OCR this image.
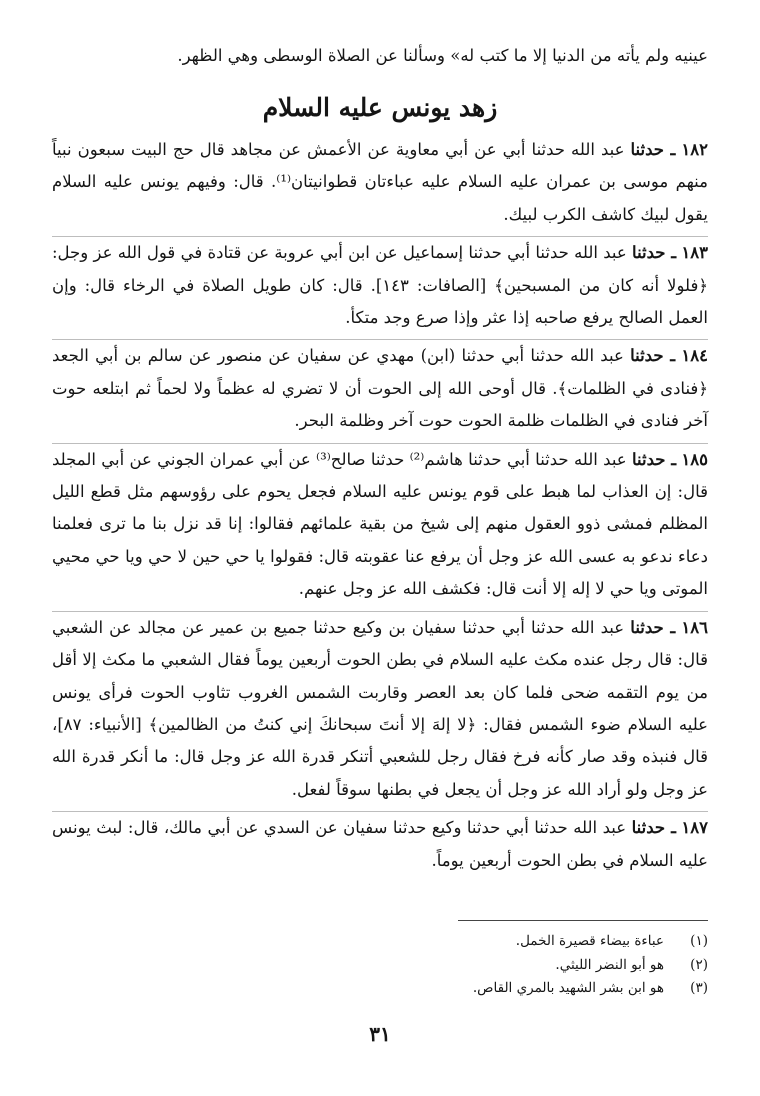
عينيه ولم يأته من الدنيا إلا ما كتب له» وسألنا عن الصلاة الوسطى وهي الظهر.
زهد يونس عليه السلام

١٨٢ ـ حدثنا عبد الله حدثنا أبي عن أبي معاوية عن الأعمش عن مجاهد قال حج البيت سبعون نبياً منهم موسى بن عمران عليه السلام عليه عباءتان قطوانيتان⁽¹⁾. قال: وفيهم يونس عليه السلام يقول لبيك كاشف الكرب لبيك.

١٨٣ ـ حدثنا عبد الله حدثنا أبي حدثنا إسماعيل عن ابن أبي عروبة عن قتادة في قول الله عز وجل: ﴿فلولا أنه كان من المسبحين﴾ [الصافات: ١٤٣]. قال: كان طويل الصلاة في الرخاء قال: وإن العمل الصالح يرفع صاحبه إذا عثر وإذا صرع وجد متكأ.

١٨٤ ـ حدثنا عبد الله حدثنا أبي حدثنا (ابن) مهدي عن سفيان عن منصور عن سالم بن أبي الجعد ﴿فنادى في الظلمات﴾. قال أوحى الله إلى الحوت أن لا تضري له عظماً ولا لحماً ثم ابتلعه حوت آخر فنادى في الظلمات ظلمة الحوت حوت آخر وظلمة البحر.

١٨٥ ـ حدثنا عبد الله حدثنا أبي حدثنا هاشم⁽²⁾ حدثنا صالح⁽³⁾ عن أبي عمران الجوني عن أبي المجلد قال: إن العذاب لما هبط على قوم يونس عليه السلام فجعل يحوم على رؤوسهم مثل قطع الليل المظلم فمشى ذوو العقول منهم إلى شيخ من بقية علمائهم فقالوا: إنا قد نزل بنا ما ترى فعلمنا دعاء ندعو به عسى الله عز وجل أن يرفع عنا عقوبته قال: فقولوا يا حي حين لا حي ويا حي محيي الموتى ويا حي لا إله إلا أنت قال: فكشف الله عز وجل عنهم.

١٨٦ ـ حدثنا عبد الله حدثنا أبي حدثنا سفيان بن وكيع حدثنا جميع بن عمير عن مجالد عن الشعبي قال: قال رجل عنده مكث عليه السلام في بطن الحوت أربعين يوماً فقال الشعبي ما مكث إلا أقل من يوم التقمه ضحى فلما كان بعد العصر وقاربت الشمس الغروب تثاوب الحوت فرأى يونس عليه السلام ضوء الشمس فقال: ﴿لا إلهَ إلا أنتَ سبحانكَ إني كنتُ من الظالمين﴾ [الأنبياء: ٨٧]، قال فنبذه وقد صار كأنه فرخ فقال رجل للشعبي أتنكر قدرة الله عز وجل قال: ما أنكر قدرة الله عز وجل ولو أراد الله عز وجل أن يجعل في بطنها سوقاً لفعل.

١٨٧ ـ حدثنا عبد الله حدثنا أبي حدثنا وكيع حدثنا سفيان عن السدي عن أبي مالك، قال: لبث يونس عليه السلام في بطن الحوت أربعين يوماً.

(١)
عباءة بيضاء قصيرة الخمل.
(٢)
هو أبو النضر الليثي.
(٣)
هو ابن بشر الشهيد بالمري القاص.
٣١
